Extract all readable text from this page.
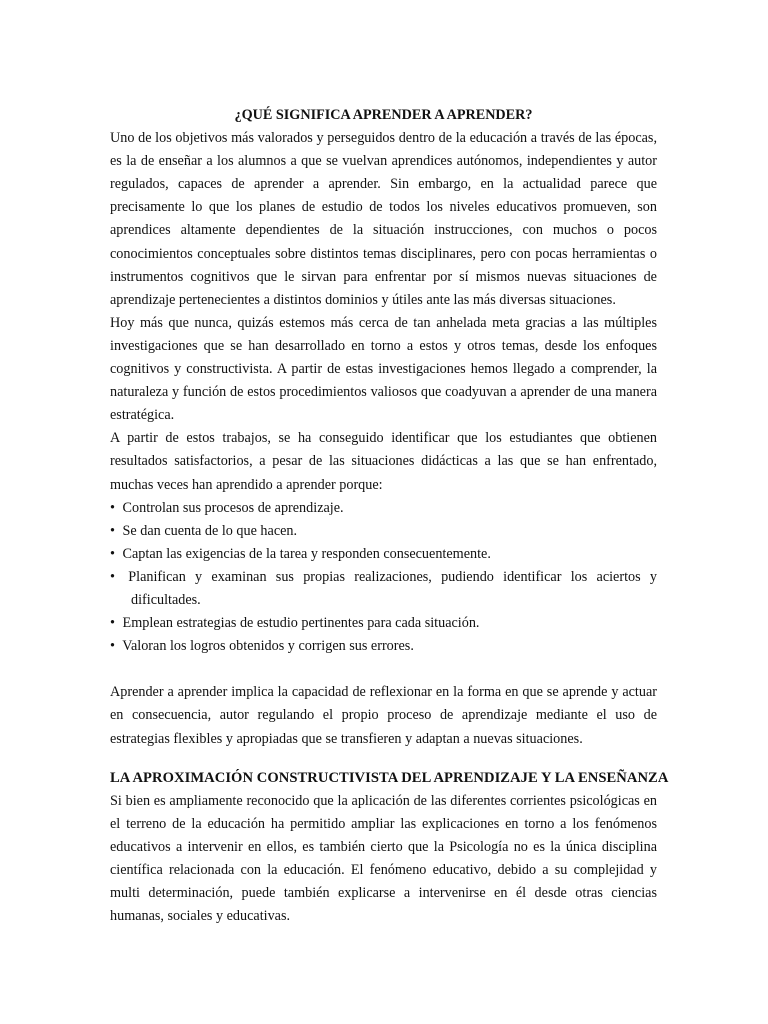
¿QUÉ SIGNIFICA APRENDER A APRENDER?

Uno de los objetivos más valorados y perseguidos dentro de la educación a través de las épocas, es la de enseñar a los alumnos a que se vuelvan aprendices autónomos, independientes y autor regulados, capaces de aprender a aprender. Sin embargo, en la actualidad parece que precisamente lo que los planes de estudio de todos los niveles educativos promueven, son aprendices altamente dependientes de la situación instrucciones, con muchos o pocos conocimientos conceptuales sobre distintos temas disciplinares, pero con pocas herramientas o instrumentos cognitivos que le sirvan para enfrentar por sí mismos nuevas situaciones de aprendizaje pertenecientes a distintos dominios y útiles ante las más diversas situaciones.

Hoy más que nunca, quizás estemos más cerca de tan anhelada meta gracias a las múltiples investigaciones que se han desarrollado en torno a estos y otros temas, desde los enfoques cognitivos y constructivista. A partir de estas investigaciones hemos llegado a comprender, la naturaleza y función de estos procedimientos valiosos que coadyuvan a aprender de una manera estratégica.

A partir de estos trabajos, se ha conseguido identificar que los estudiantes que obtienen resultados satisfactorios, a pesar de las situaciones didácticas a las que se han enfrentado, muchas veces han aprendido a aprender porque:

• Controlan sus procesos de aprendizaje.
• Se dan cuenta de lo que hacen.
• Captan las exigencias de la tarea y responden consecuentemente.
• Planifican y examinan sus propias realizaciones, pudiendo identificar los aciertos y dificultades.
• Emplean estrategias de estudio pertinentes para cada situación.
• Valoran los logros obtenidos y corrigen sus errores.

Aprender a aprender implica la capacidad de reflexionar en la forma en que se aprende y actuar en consecuencia, autor regulando el propio proceso de aprendizaje mediante el uso de estrategias flexibles y apropiadas que se transfieren y adaptan a nuevas situaciones.

LA APROXIMACIÓN CONSTRUCTIVISTA DEL APRENDIZAJE Y LA ENSEÑANZA

Si bien es ampliamente reconocido que la aplicación de las diferentes corrientes psicológicas en el terreno de la educación ha permitido ampliar las explicaciones en torno a los fenómenos educativos a intervenir en ellos, es también cierto que la Psicología no es la única disciplina científica relacionada con la educación. El fenómeno educativo, debido a su complejidad y multi determinación, puede también explicarse a intervenirse en él desde otras ciencias humanas, sociales y educativas.
